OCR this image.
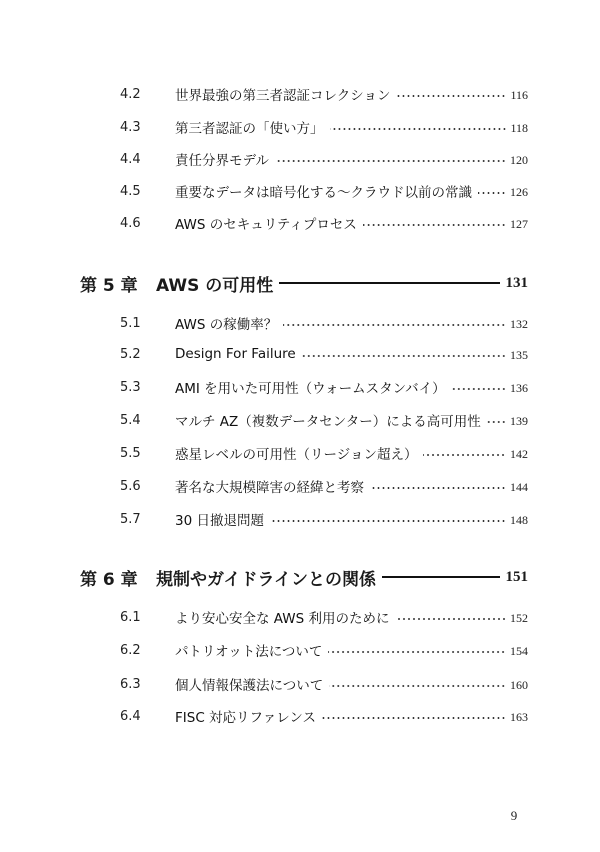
4.2	世界最強の第三者認証コレクション	116
4.3	第三者認証の「使い方」	118
4.4	責任分界モデル	120
4.5	重要なデータは暗号化する〜クラウド以前の常識	126
4.6	AWS のセキュリティプロセス	127
第 5 章	AWS の可用性	131
5.1	AWS の稼働率？	132
5.2	Design For Failure	135
5.3	AMI を用いた可用性（ウォームスタンバイ）	136
5.4	マルチ AZ（複数データセンター）による高可用性 139
5.5	惑星レベルの可用性（リージョン超え）	142
5.6	著名な大規模障害の経緯と考察	144
5.7	30 日撤退問題	148
第 6 章	規制やガイドラインとの関係	151
6.1	より安心安全な AWS 利用のために	152
6.2	パトリオット法について	154
6.3	個人情報保護法について	160
6.4	FISC 対応リファレンス	163
9
